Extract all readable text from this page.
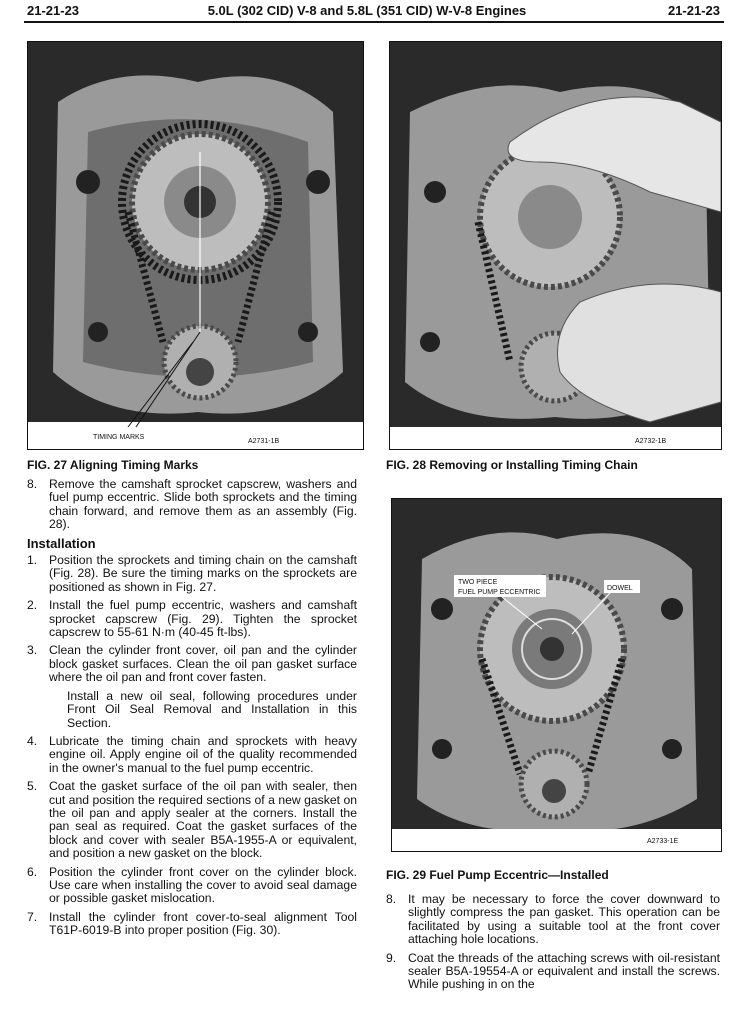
21-21-23	5.0L (302 CID) V-8 and 5.8L (351 CID) W-V-8 Engines	21-21-23
TIMING MARKS
A2731-1B
FIG. 27 Aligning Timing Marks
A2732-1B
FIG. 28 Removing or Installing Timing Chain
TWO PIECE
FUEL PUMP ECCENTRIC
DOWEL
A2733-1E
FIG. 29 Fuel Pump Eccentric—Installed
8. Remove the camshaft sprocket capscrew, washers and fuel pump eccentric. Slide both sprockets and the timing chain forward, and remove them as an assembly (Fig. 28).
Installation
1. Position the sprockets and timing chain on the camshaft (Fig. 28). Be sure the timing marks on the sprockets are positioned as shown in Fig. 27.
2. Install the fuel pump eccentric, washers and camshaft sprocket capscrew (Fig. 29). Tighten the sprocket capscrew to 55-61 N·m (40-45 ft-lbs).
3. Clean the cylinder front cover, oil pan and the cylinder block gasket surfaces. Clean the oil pan gasket surface where the oil pan and front cover fasten.
Install a new oil seal, following procedures under Front Oil Seal Removal and Installation in this Section.
4. Lubricate the timing chain and sprockets with heavy engine oil. Apply engine oil of the quality recommended in the owner's manual to the fuel pump eccentric.
5. Coat the gasket surface of the oil pan with sealer, then cut and position the required sections of a new gasket on the oil pan and apply sealer at the corners. Install the pan seal as required. Coat the gasket surfaces of the block and cover with sealer B5A-1955-A or equivalent, and position a new gasket on the block.
6. Position the cylinder front cover on the cylinder block. Use care when installing the cover to avoid seal damage or possible gasket mislocation.
7. Install the cylinder front cover-to-seal alignment Tool T61P-6019-B into proper position (Fig. 30).
8. It may be necessary to force the cover downward to slightly compress the pan gasket. This operation can be facilitated by using a suitable tool at the front cover attaching hole locations.
9. Coat the threads of the attaching screws with oil-resistant sealer B5A-19554-A or equivalent and install the screws. While pushing in on the
